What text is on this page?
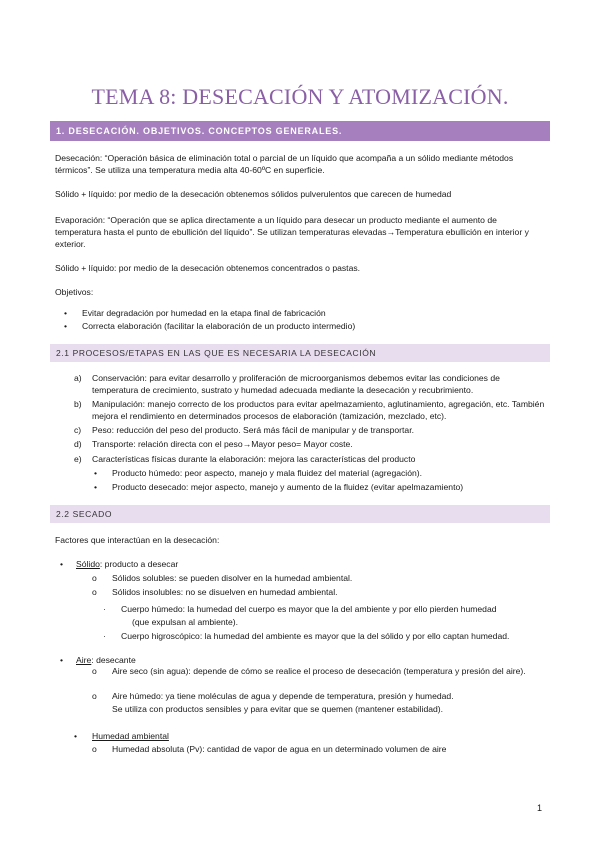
TEMA 8: DESECACIÓN Y ATOMIZACIÓN.
1. DESECACIÓN. OBJETIVOS. CONCEPTOS GENERALES.
Desecación: “Operación básica de eliminación total o parcial de un líquido que acompaña a un sólido mediante métodos térmicos”. Se utiliza una temperatura media alta 40-60ºC en superficie.
Sólido + líquido: por medio de la desecación obtenemos sólidos pulverulentos que carecen de humedad
Evaporación: “Operación que se aplica directamente a un líquido para desecar un producto mediante el aumento de temperatura hasta el punto de ebullición del líquido”. Se utilizan temperaturas elevadas→Temperatura ebullición en interior y exterior.
Sólido + líquido: por medio de la desecación obtenemos concentrados o pastas.
Objetivos:
• Evitar degradación por humedad en la etapa final de fabricación
• Correcta elaboración (facilitar la elaboración de un producto intermedio)
2.1 PROCESOS/ETAPAS EN LAS QUE ES NECESARIA LA DESECACIÓN
a) Conservación: para evitar desarrollo y proliferación de microorganismos debemos evitar las condiciones de temperatura de crecimiento, sustrato y humedad adecuada mediante la desecación y recubrimiento.
b) Manipulación: manejo correcto de los productos para evitar apelmazamiento, aglutinamiento, agregación, etc. También mejora el rendimiento en determinados procesos de elaboración (tamización, mezclado, etc).
c) Peso: reducción del peso del producto. Será más fácil de manipular y de transportar.
d) Transporte: relación directa con el peso→Mayor peso= Mayor coste.
e) Características físicas durante la elaboración: mejora las características del producto
• Producto húmedo: peor aspecto, manejo y mala fluidez del material (agregación).
• Producto desecado: mejor aspecto, manejo y aumento de la fluidez (evitar apelmazamiento)
2.2 SECADO
Factores que interactúan en la desecación:
• Sólido: producto a desecar
o Sólidos solubles: se pueden disolver en la humedad ambiental.
o Sólidos insolubles: no se disuelven en humedad ambiental.
· Cuerpo húmedo: la humedad del cuerpo es mayor que la del ambiente y por ello pierden humedad
(que expulsan al ambiente).
· Cuerpo higroscópico: la humedad del ambiente es mayor que la del sólido y por ello captan humedad.
• Aire: desecante
o Aire seco (sin agua): depende de cómo se realice el proceso de desecación (temperatura y presión del aire).
o Aire húmedo: ya tiene moléculas de agua y depende de temperatura, presión y humedad.
Se utiliza con productos sensibles y para evitar que se quemen (mantener estabilidad).
• Humedad ambiental
o Humedad absoluta (Pv): cantidad de vapor de agua en un determinado volumen de aire
1
